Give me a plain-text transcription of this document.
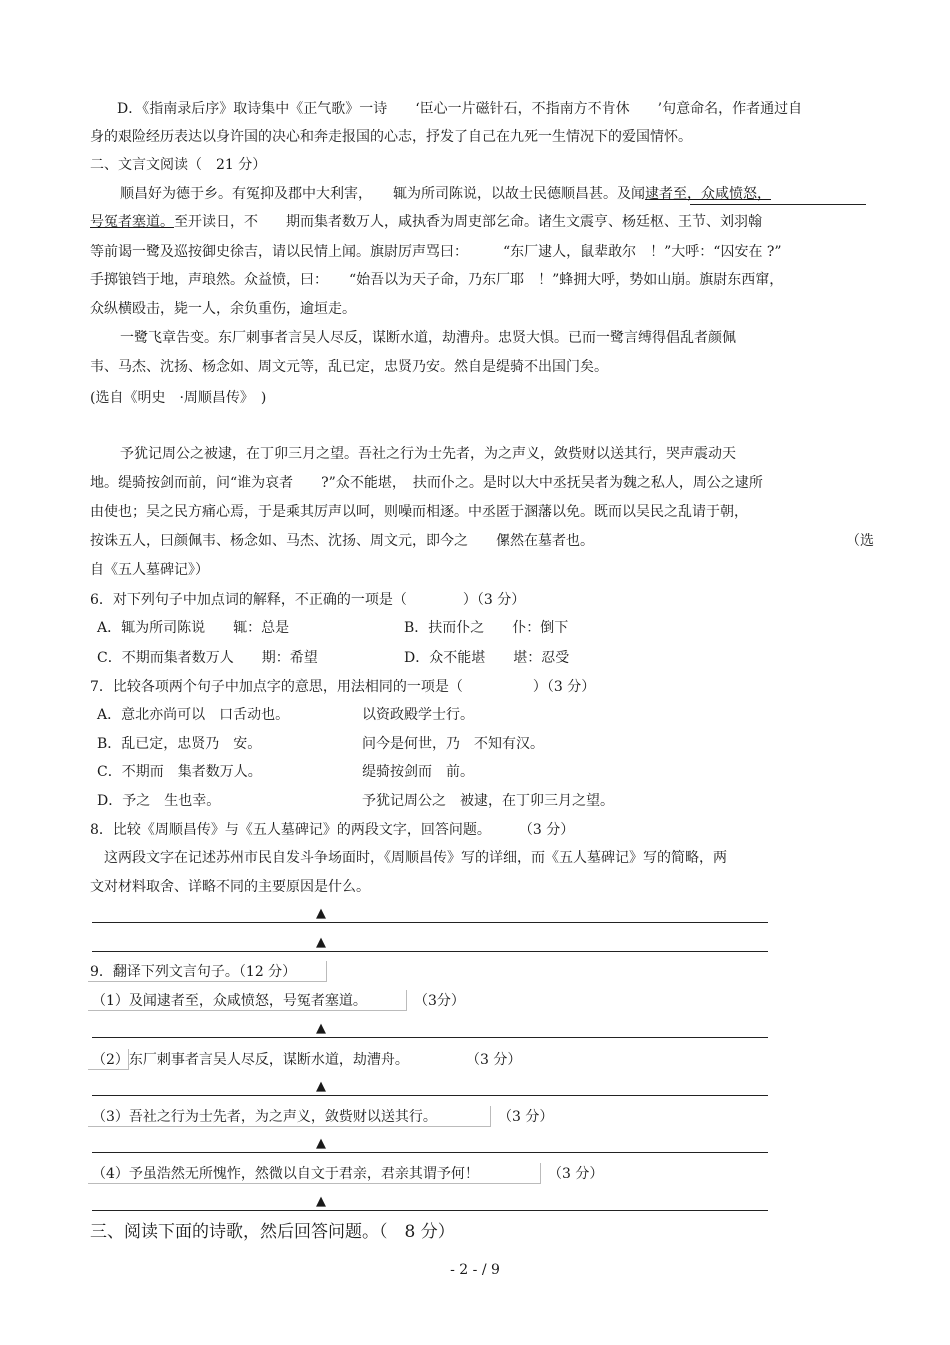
D．《指南录后序》取诗集中《正气歌》一诗　　‘臣心一片磁针石，不指南方不肯休　　’句意命名，作者通过自
身的艰险经历表达以身许国的决心和奔走报国的心志，抒发了自己在九死一生情况下的爱国情怀。
二、文言文阅读（　21 分）
顺昌好为德于乡。有冤抑及郡中大利害，　　辄为所司陈说，以故士民德顺昌甚。及闻逮者至，众咸愤怒，
号冤者塞道。至开读日，不　　期而集者数万人，咸执香为周吏部乞命。诸生文震亨、杨廷枢、王节、刘羽翰
等前谒一鹭及巡按御史徐吉，请以民情上闻。旗尉厉声骂曰：　　　“东厂逮人，鼠辈敢尔　！”大呼：“囚安在 ?”
手掷锒铛于地，声琅然。众益愤，曰：　　“始吾以为天子命，乃东厂耶　！”蜂拥大呼，势如山崩。旗尉东西窜，
众纵横殴击，毙一人，余负重伤，逾垣走。
一鹭飞章告变。东厂刺事者言吴人尽反，谋断水道，劫漕舟。忠贤大惧。已而一鹭言缚得倡乱者颜佩
韦、马杰、沈扬、杨念如、周文元等，乱已定，忠贤乃安。然自是缇骑不出国门矣。
(选自《明史　·周顺昌传》　)
予犹记周公之被逮，在丁卯三月之望。吾社之行为士先者，为之声义，敛赀财以送其行，哭声震动天
地。缇骑按剑而前，问“谁为哀者　　?”众不能堪，　扶而仆之。是时以大中丞抚吴者为魏之私人，周公之逮所
由使也；吴之民方痛心焉，于是乘其厉声以呵，则噪而相逐。中丞匿于溷藩以免。既而以吴民之乱请于朝，
按诛五人，曰颜佩韦、杨念如、马杰、沈扬、周文元，即今之　　傫然在墓者也。	（选
自《五人墓碑记》）
6．对下列句子中加点词的解释，不正确的一项是（　　　　）（3 分）
A．辄为所司陈说　　辄：总是	B．扶而仆之　　仆：倒下
C．不期而集者数万人　　期：希望	D．众不能堪　　堪：忍受
7．比较各项两个句子中加点字的意思，用法相同的一项是（　　　　　）（3 分）
A．意北亦尚可以　口舌动也。	以资政殿学士行。
B．乱已定，忠贤乃　安。	问今是何世，乃　不知有汉。
C．不期而　集者数万人。	缇骑按剑而　前。
D．予之　生也幸。	予犹记周公之　被逮，在丁卯三月之望。
8．比较《周顺昌传》与《五人墓碑记》的两段文字，回答问题。　　　（3 分）
这两段文字在记述苏州市民自发斗争场面时，《周顺昌传》写的详细，而《五人墓碑记》写的简略，两
文对材料取舍、详略不同的主要原因是什么。
▲
▲
9．翻译下列文言句子。（12 分）
（1）及闻逮者至，众咸愤怒，号冤者塞道。	（3分）
▲
（2）东厂刺事者言吴人尽反，谋断水道，劫漕舟。	（3 分）
▲
（3）吾社之行为士先者，为之声义，敛赀财以送其行。	（3 分）
▲
（4）予虽浩然无所愧怍，然微以自文于君亲，君亲其谓予何！	（3 分）
▲
三、阅读下面的诗歌，然后回答问题。（　8 分）
- 2 - / 9
